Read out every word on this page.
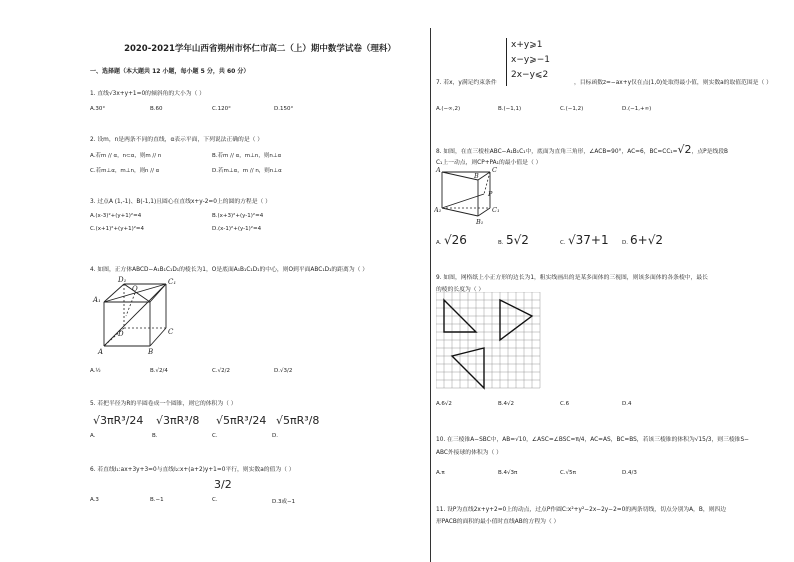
2020-2021学年山西省朔州市怀仁市高二（上）期中数学试卷（理科）
一、选择题（本大题共 12 小题，每小题 5 分，共 60 分）
1. 直线√3x+y+1=0的倾斜角的大小为（ ）
A.30°	B.60	C.120°	D.150°
2. 设m，n是两条不同的直线，α表示平面，下列说法正确的是（ ）
A.若m // α，n⊂α，则m // n	B.若m // α，m⊥n，则n⊥α
C.若m⊥α，m⊥n，则n // α	D.若m⊥α，m // n，则n⊥α
3. 过点A (1,-1)、B(-1,1)且圆心在直线x+y-2=0上的圆的方程是（ ）
A.(x-3)²+(y+1)²=4	B.(x+3)²+(y-1)²=4
C.(x+1)²+(y+1)²=4	D.(x-1)²+(y-1)²=4
4. 如图，正方体ABCD−A₁B₁C₁D₁的棱长为1，O是底面A₁B₁C₁D₁的中心，则O到平面ABC₁D₁的距离为（ ）
A₁
D₁	C₁
O
A	B
D	C
A.½	B.√2/4	C.√2/2	D.√3/2
5. 若把半径为R的半圆卷成一个圆锥，则它的体积为（ ）
A.
√3πR³/24
B.
√3πR³/8
C.
√5πR³/24
D.
√5πR³/8
6. 若直线l₁:ax+3y+3=0与直线l₂:x+(a+2)y+1=0平行，则实数a的值为（ ）
A.3	B.−1	C.
3/2
D.3或−1
x+y⩾1
x−y⩾−1
2x−y⩽2
7. 若x，y满足约束条件	，目标函数z=−ax+y仅在点(1,0)处取得最小值，则实数a的取值范围是（ ）
A.(−∞,2)	B.(−1,1)	C.(−1,2)	D.(−1,+∞)
8. 如图，在直三棱柱ABC−A₁B₁C₁中，底面为直角三角形，∠ACB=90°，AC=6，BC=CC₁=√2，点P是线段B
C₁上一动点，则CP+PA₁的最小值是（ ）
A	C
B
P
A₁	C₁
B₁
A. √26	B. 5√2	C. √37+1 D. 6+√2
9. 如图，网格纸上小正方形的边长为1，粗实线画出的是某多面体的三视图，则该多面体的各条棱中，最长
的棱的长度为（ ）
A.6√2	B.4√2	C.6	D.4
10. 在三棱锥A−SBC中，AB=√10，∠ASC=∠BSC=π/4，AC=AS，BC=BS，若该三棱锥的体积为√15/3，则三棱锥S−
ABC外接球的体积为（ ）
A.π	B.4√3π	C.√5π	D.4/3
11. 设P为直线2x+y+2=0上的动点，过点P作圆C:x²+y²−2x−2y−2=0的两条切线，切点分别为A，B，则四边
形PACB的面积的最小值时直线AB的方程为（ ）
